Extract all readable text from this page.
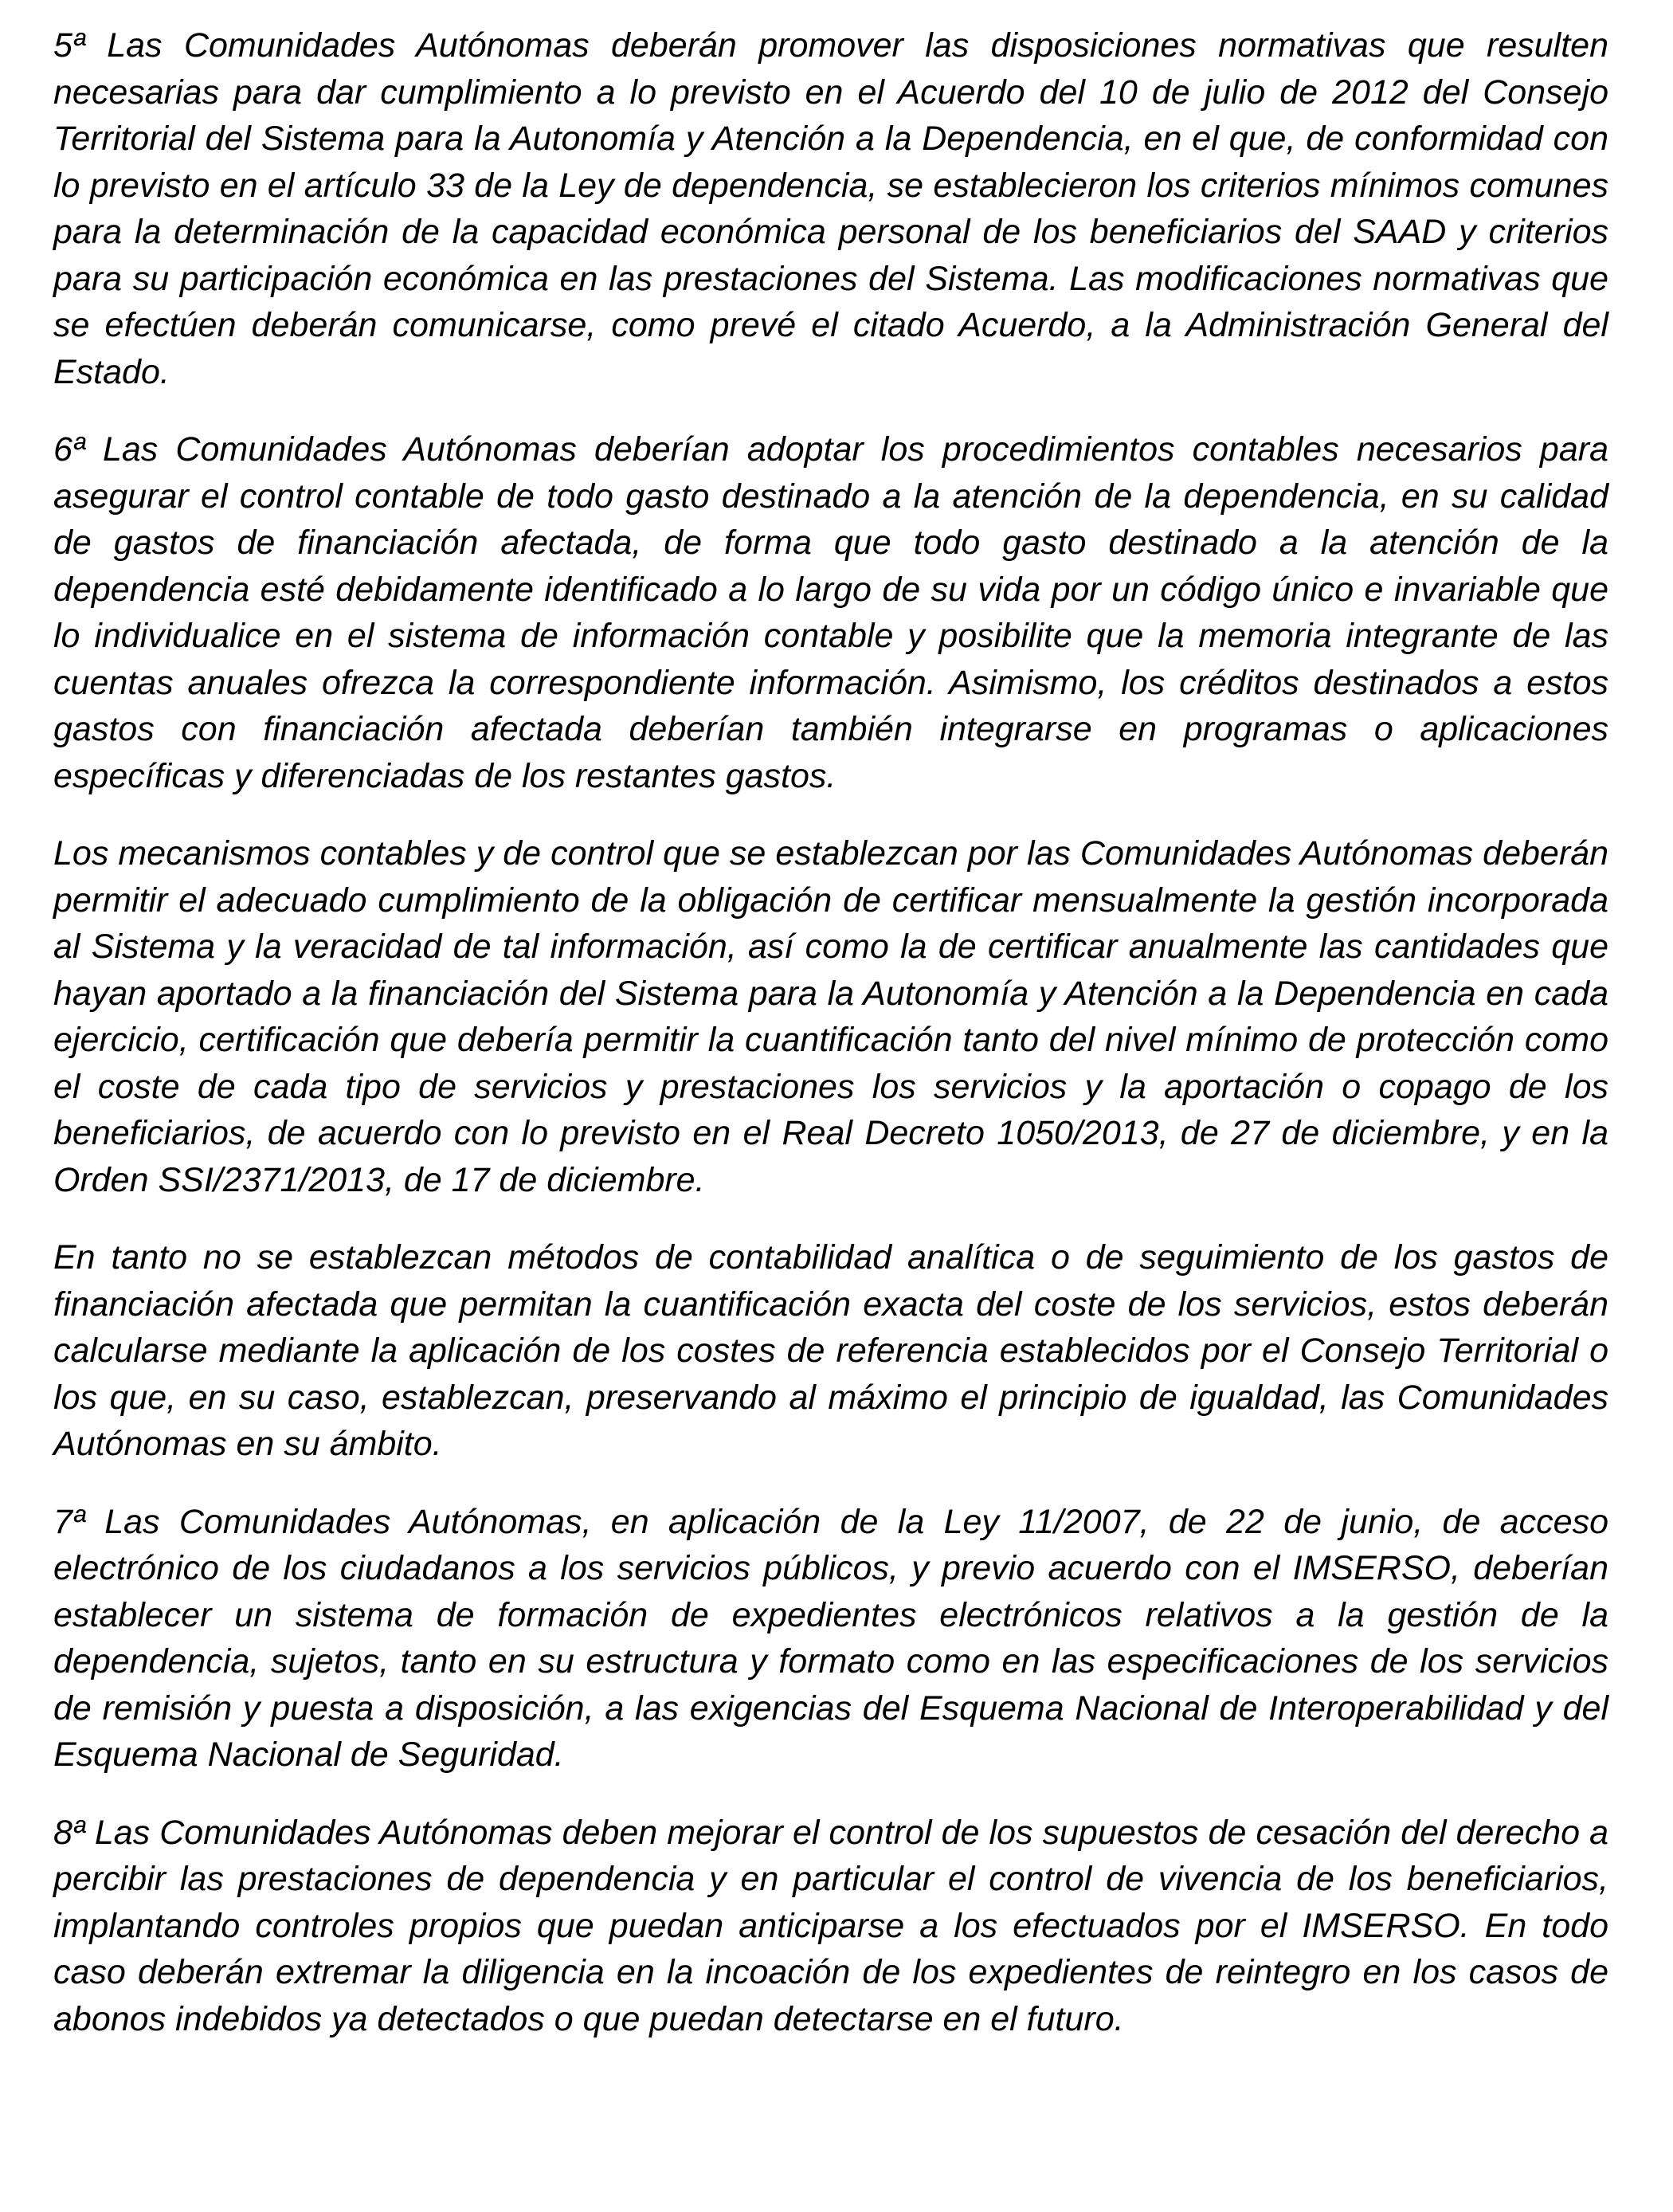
5ª Las Comunidades Autónomas deberán promover las disposiciones normativas que resulten necesarias para dar cumplimiento a lo previsto en el Acuerdo del 10 de julio de 2012 del Consejo Territorial del Sistema para la Autonomía y Atención a la Dependencia, en el que, de conformidad con lo previsto en el artículo 33 de la Ley de dependencia, se establecieron los criterios mínimos comunes para la determinación de la capacidad económica personal de los beneficiarios del SAAD y criterios para su participación económica en las prestaciones del Sistema. Las modificaciones normativas que se efectúen deberán comunicarse, como prevé el citado Acuerdo, a la Administración General del Estado.

6ª Las Comunidades Autónomas deberían adoptar los procedimientos contables necesarios para asegurar el control contable de todo gasto destinado a la atención de la dependencia, en su calidad de gastos de financiación afectada, de forma que todo gasto destinado a la atención de la dependencia esté debidamente identificado a lo largo de su vida por un código único e invariable que lo individualice en el sistema de información contable y posibilite que la memoria integrante de las cuentas anuales ofrezca la correspondiente información. Asimismo, los créditos destinados a estos gastos con financiación afectada deberían también integrarse en programas o aplicaciones específicas y diferenciadas de los restantes gastos.

Los mecanismos contables y de control que se establezcan por las Comunidades Autónomas deberán permitir el adecuado cumplimiento de la obligación de certificar mensualmente la gestión incorporada al Sistema y la veracidad de tal información, así como la de certificar anualmente las cantidades que hayan aportado a la financiación del Sistema para la Autonomía y Atención a la Dependencia en cada ejercicio, certificación que debería permitir la cuantificación tanto del nivel mínimo de protección como el coste de cada tipo de servicios y prestaciones los servicios y la aportación o copago de los beneficiarios, de acuerdo con lo previsto en el Real Decreto 1050/2013, de 27 de diciembre, y en la Orden SSI/2371/2013, de 17 de diciembre.

En tanto no se establezcan métodos de contabilidad analítica o de seguimiento de los gastos de financiación afectada que permitan la cuantificación exacta del coste de los servicios, estos deberán calcularse mediante la aplicación de los costes de referencia establecidos por el Consejo Territorial o los que, en su caso, establezcan, preservando al máximo el principio de igualdad, las Comunidades Autónomas en su ámbito.

7ª Las Comunidades Autónomas, en aplicación de la Ley 11/2007, de 22 de junio, de acceso electrónico de los ciudadanos a los servicios públicos, y previo acuerdo con el IMSERSO, deberían establecer un sistema de formación de expedientes electrónicos relativos a la gestión de la dependencia, sujetos, tanto en su estructura y formato como en las especificaciones de los servicios de remisión y puesta a disposición, a las exigencias del Esquema Nacional de Interoperabilidad y del Esquema Nacional de Seguridad.

8ª Las Comunidades Autónomas deben mejorar el control de los supuestos de cesación del derecho a percibir las prestaciones de dependencia y en particular el control de vivencia de los beneficiarios, implantando controles propios que puedan anticiparse a los efectuados por el IMSERSO. En todo caso deberán extremar la diligencia en la incoación de los expedientes de reintegro en los casos de abonos indebidos ya detectados o que puedan detectarse en el futuro.
